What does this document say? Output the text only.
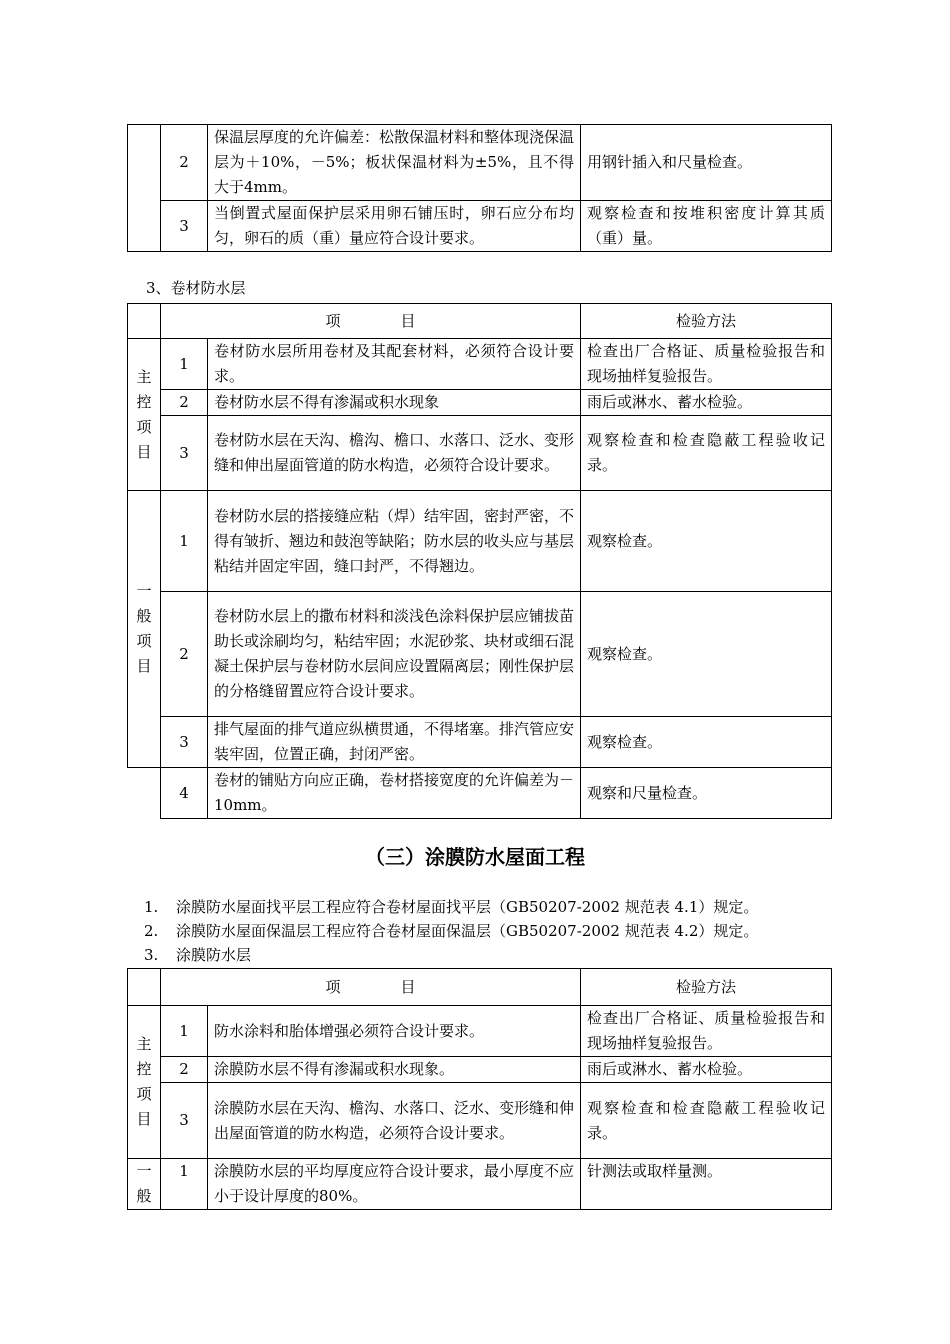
	2	保温层厚度的允许偏差：松散保温材料和整体现浇保温层为＋10%，－5%；板状保温材料为±5%，且不得大于4mm。	用钢针插入和尺量检查。
	3	当倒置式屋面保护层采用卵石铺压时，卵石应分布均匀，卵石的质（重）量应符合设计要求。	观察检查和按堆积密度计算其质（重）量。
3、卷材防水层
	项　　　　目		检验方法

主
控
项
目	1	卷材防水层所用卷材及其配套材料，必须符合设计要求。	检查出厂合格证、质量检验报告和现场抽样复验报告。
	2	卷材防水层不得有渗漏或积水现象	雨后或淋水、蓄水检验。
	3	卷材防水层在天沟、檐沟、檐口、水落口、泛水、变形缝和伸出屋面管道的防水构造，必须符合设计要求。	观察检查和检查隐蔽工程验收记录。

一
般
项
目	1	卷材防水层的搭接缝应粘（焊）结牢固，密封严密，不得有皱折、翘边和鼓泡等缺陷；防水层的收头应与基层粘结并固定牢固，缝口封严，不得翘边。	观察检查。
	2	卷材防水层上的撒布材料和淡浅色涂料保护层应铺拔苗助长或涂刷均匀，粘结牢固；水泥砂浆、块材或细石混凝土保护层与卷材防水层间应设置隔离层；刚性保护层的分格缝留置应符合设计要求。	观察检查。
	3	排气屋面的排气道应纵横贯通，不得堵塞。排汽管应安装牢固，位置正确，封闭严密。	观察检查。
	4	卷材的铺贴方向应正确，卷材搭接宽度的允许偏差为－10mm。	观察和尺量检查。
（三）涂膜防水屋面工程
1. 涂膜防水屋面找平层工程应符合卷材屋面找平层（GB50207-2002 规范表 4.1）规定。
2. 涂膜防水屋面保温层工程应符合卷材屋面保温层（GB50207-2002 规范表 4.2）规定。
3. 涂膜防水层
	项　　　　目		检验方法

主
控
项
目	1	防水涂料和胎体增强必须符合设计要求。	检查出厂合格证、质量检验报告和现场抽样复验报告。
	2	涂膜防水层不得有渗漏或积水现象。	雨后或淋水、蓄水检验。
	3	涂膜防水层在天沟、檐沟、水落口、泛水、变形缝和伸出屋面管道的防水构造，必须符合设计要求。	观察检查和检查隐蔽工程验收记录。

一
般	1	涂膜防水层的平均厚度应符合设计要求，最小厚度不应小于设计厚度的80%。	针测法或取样量测。
